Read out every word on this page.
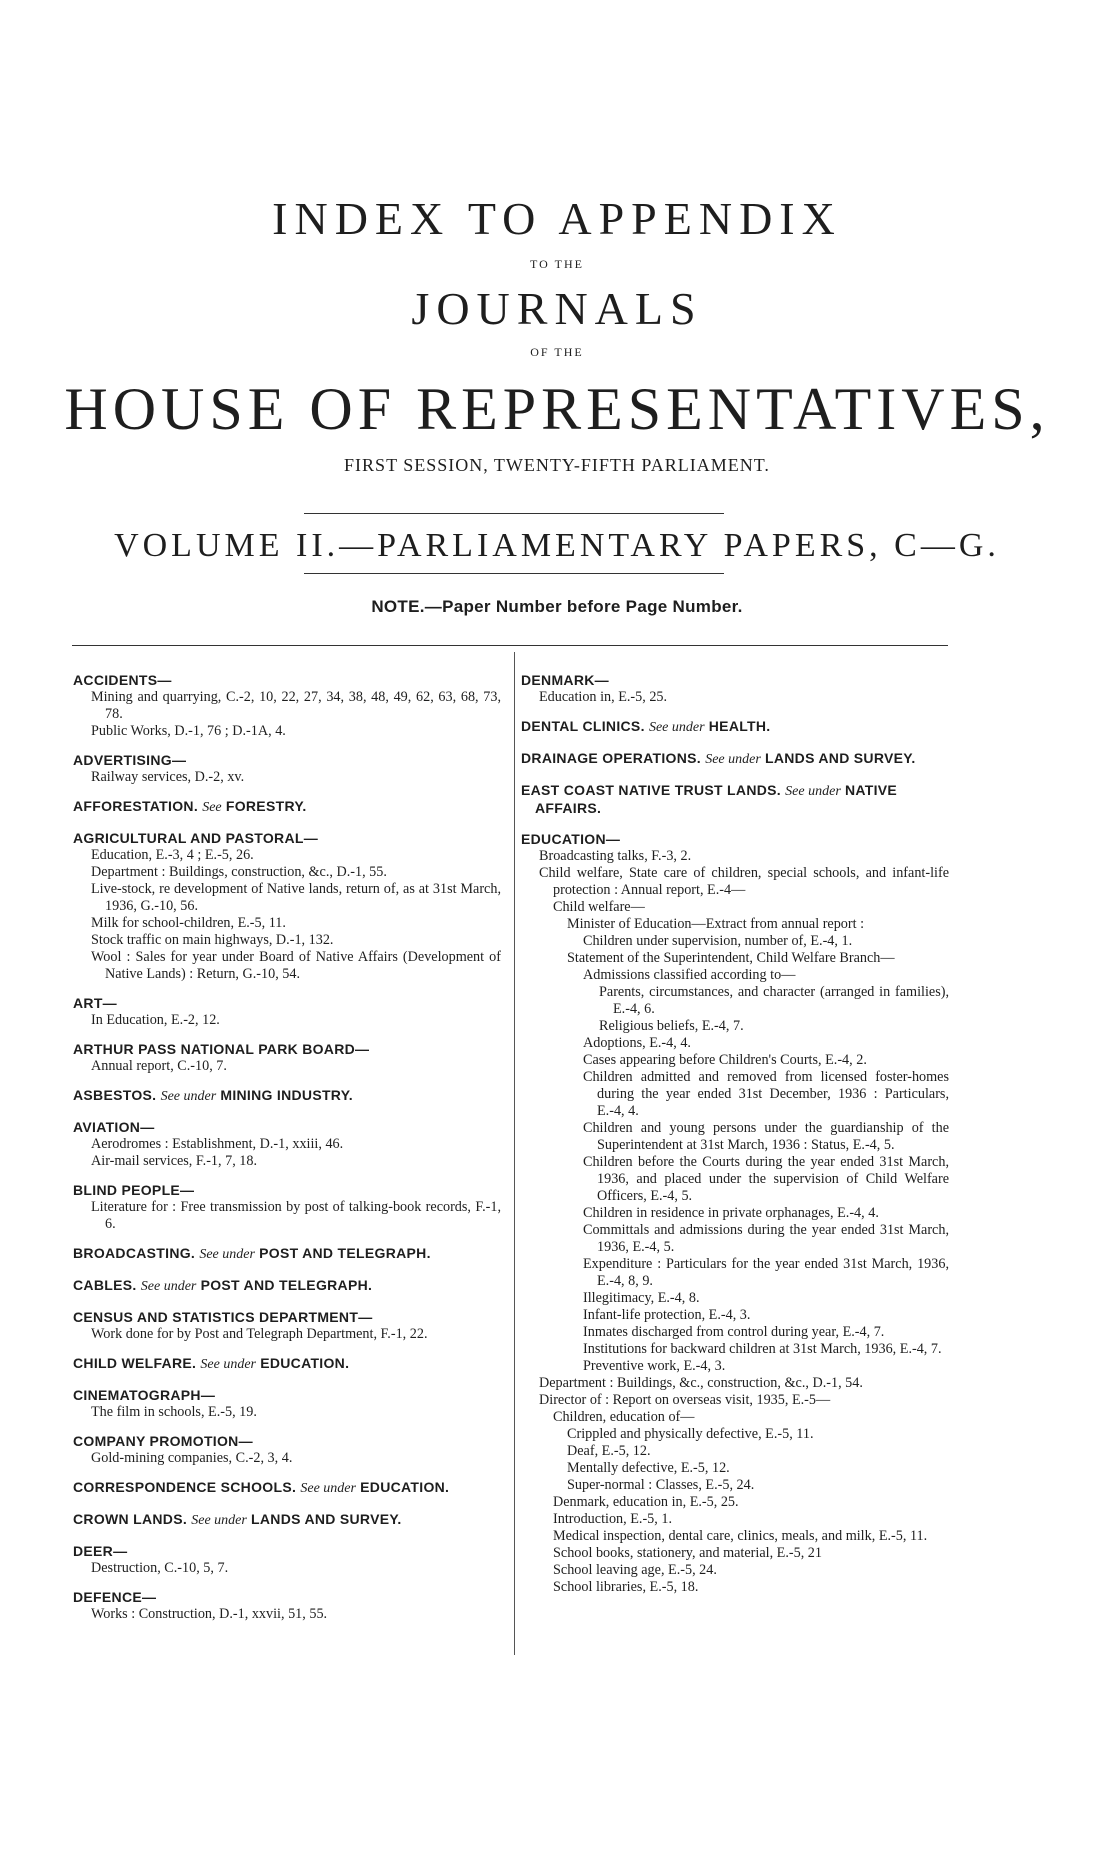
INDEX TO APPENDIX
TO THE
JOURNALS
OF THE
HOUSE OF REPRESENTATIVES,
FIRST SESSION, TWENTY-FIFTH PARLIAMENT.
VOLUME II.—PARLIAMENTARY PAPERS, C—G.
NOTE.—Paper Number before Page Number.
ACCIDENTS—
Mining and quarrying, C.-2, 10, 22, 27, 34, 38, 48, 49, 62, 63, 68, 73, 78.
Public Works, D.-1, 76 ; D.-1A, 4.
ADVERTISING—
Railway services, D.-2, xv.
AFFORESTATION. See FORESTRY.
AGRICULTURAL AND PASTORAL—
Education, E.-3, 4 ; E.-5, 26.
Department : Buildings, construction, &c., D.-1, 55.
Live-stock, re development of Native lands, return of, as at 31st March, 1936, G.-10, 56.
Milk for school-children, E.-5, 11.
Stock traffic on main highways, D.-1, 132.
Wool : Sales for year under Board of Native Affairs (Development of Native Lands) : Return, G.-10, 54.
ART—
In Education, E.-2, 12.
ARTHUR PASS NATIONAL PARK BOARD—
Annual report, C.-10, 7.
ASBESTOS. See under MINING INDUSTRY.
AVIATION—
Aerodromes : Establishment, D.-1, xxiii, 46.
Air-mail services, F.-1, 7, 18.
BLIND PEOPLE—
Literature for : Free transmission by post of talking-book records, F.-1, 6.
BROADCASTING. See under POST AND TELEGRAPH.
CABLES. See under POST AND TELEGRAPH.
CENSUS AND STATISTICS DEPARTMENT—
Work done for by Post and Telegraph Department, F.-1, 22.
CHILD WELFARE. See under EDUCATION.
CINEMATOGRAPH—
The film in schools, E.-5, 19.
COMPANY PROMOTION—
Gold-mining companies, C.-2, 3, 4.
CORRESPONDENCE SCHOOLS. See under EDUCATION.
CROWN LANDS. See under LANDS AND SURVEY.
DEER—
Destruction, C.-10, 5, 7.
DEFENCE—
Works : Construction, D.-1, xxvii, 51, 55.
DENMARK—
Education in, E.-5, 25.
DENTAL CLINICS. See under HEALTH.
DRAINAGE OPERATIONS. See under LANDS AND SURVEY.
EAST COAST NATIVE TRUST LANDS. See under NATIVE AFFAIRS.
EDUCATION—
Broadcasting talks, F.-3, 2.
Child welfare, State care of children, special schools, and infant-life protection : Annual report, E.-4—
Child welfare—
Minister of Education—Extract from annual report :
Children under supervision, number of, E.-4, 1.
Statement of the Superintendent, Child Welfare Branch—
Admissions classified according to—
Parents, circumstances, and character (arranged in families), E.-4, 6.
Religious beliefs, E.-4, 7.
Adoptions, E.-4, 4.
Cases appearing before Children's Courts, E.-4, 2.
Children admitted and removed from licensed foster-homes during the year ended 31st December, 1936 : Particulars, E.-4, 4.
Children and young persons under the guardianship of the Superintendent at 31st March, 1936 : Status, E.-4, 5.
Children before the Courts during the year ended 31st March, 1936, and placed under the supervision of Child Welfare Officers, E.-4, 5.
Children in residence in private orphanages, E.-4, 4.
Committals and admissions during the year ended 31st March, 1936, E.-4, 5.
Expenditure : Particulars for the year ended 31st March, 1936, E.-4, 8, 9.
Illegitimacy, E.-4, 8.
Infant-life protection, E.-4, 3.
Inmates discharged from control during year, E.-4, 7.
Institutions for backward children at 31st March, 1936, E.-4, 7.
Preventive work, E.-4, 3.
Department : Buildings, &c., construction, &c., D.-1, 54.
Director of : Report on overseas visit, 1935, E.-5—
Children, education of—
Crippled and physically defective, E.-5, 11.
Deaf, E.-5, 12.
Mentally defective, E.-5, 12.
Super-normal : Classes, E.-5, 24.
Denmark, education in, E.-5, 25.
Introduction, E.-5, 1.
Medical inspection, dental care, clinics, meals, and milk, E.-5, 11.
School books, stationery, and material, E.-5, 21
School leaving age, E.-5, 24.
School libraries, E.-5, 18.
